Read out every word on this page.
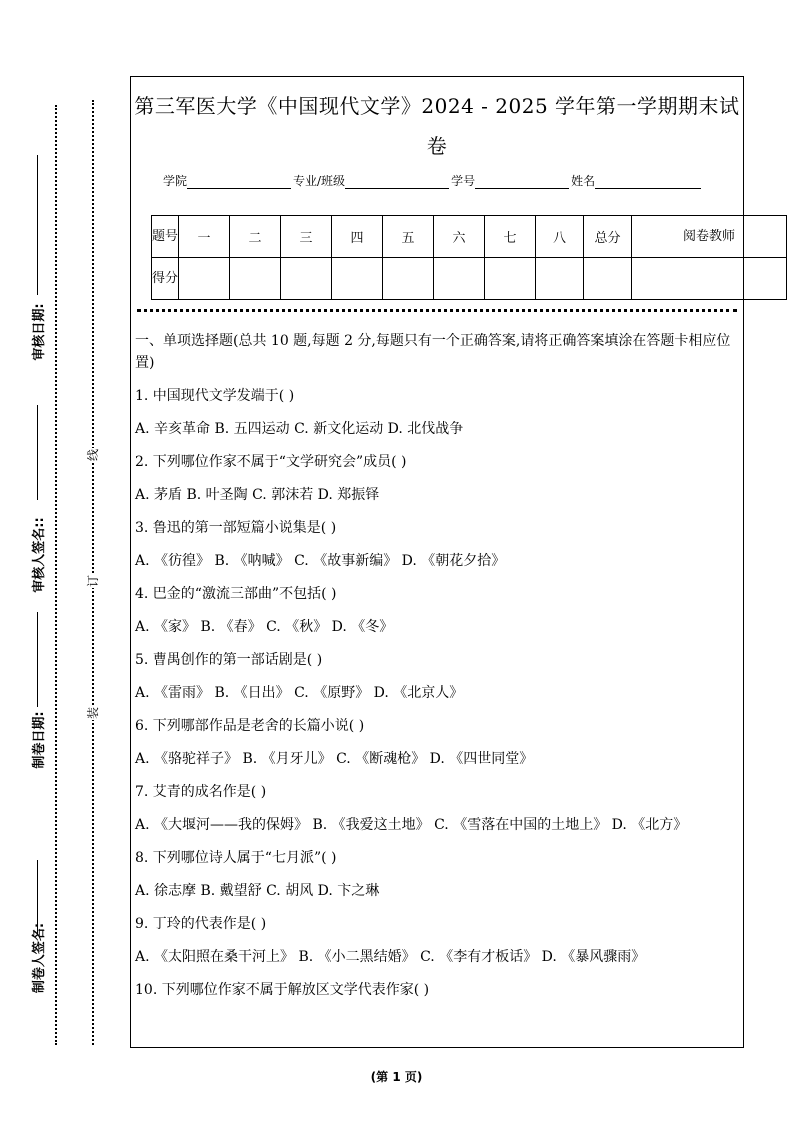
审核日期:
审核人签名::
制卷日期:
制卷人签名:
线
订
装
第三军医大学《中国现代文学》2024 - 2025 学年第一学期期末试卷
学院	专业/班级	学号	姓名
题号	一	二	三	四	五	六	七	八	总分	阅卷教师
得分										

一、单项选择题(总共 10 题,每题 2 分,每题只有一个正确答案,请将正确答案填涂在答题卡相应位置)

1. 中国现代文学发端于( )

A. 辛亥革命 B. 五四运动 C. 新文化运动 D. 北伐战争

2. 下列哪位作家不属于“文学研究会”成员( )

A. 茅盾 B. 叶圣陶 C. 郭沫若 D. 郑振铎

3. 鲁迅的第一部短篇小说集是( )

A. 《彷徨》 B. 《呐喊》 C. 《故事新编》 D. 《朝花夕拾》

4. 巴金的“激流三部曲”不包括( )

A. 《家》 B. 《春》 C. 《秋》 D. 《冬》

5. 曹禺创作的第一部话剧是( )

A. 《雷雨》 B. 《日出》 C. 《原野》 D. 《北京人》

6. 下列哪部作品是老舍的长篇小说( )

A. 《骆驼祥子》 B. 《月牙儿》 C. 《断魂枪》 D. 《四世同堂》

7. 艾青的成名作是( )

A. 《大堰河——我的保姆》 B. 《我爱这土地》 C. 《雪落在中国的土地上》 D. 《北方》

8. 下列哪位诗人属于“七月派”( )

A. 徐志摩 B. 戴望舒 C. 胡风 D. 卞之琳

9. 丁玲的代表作是( )

A. 《太阳照在桑干河上》 B. 《小二黑结婚》 C. 《李有才板话》 D. 《暴风骤雨》

10. 下列哪位作家不属于解放区文学代表作家( )

(第 1 页)
